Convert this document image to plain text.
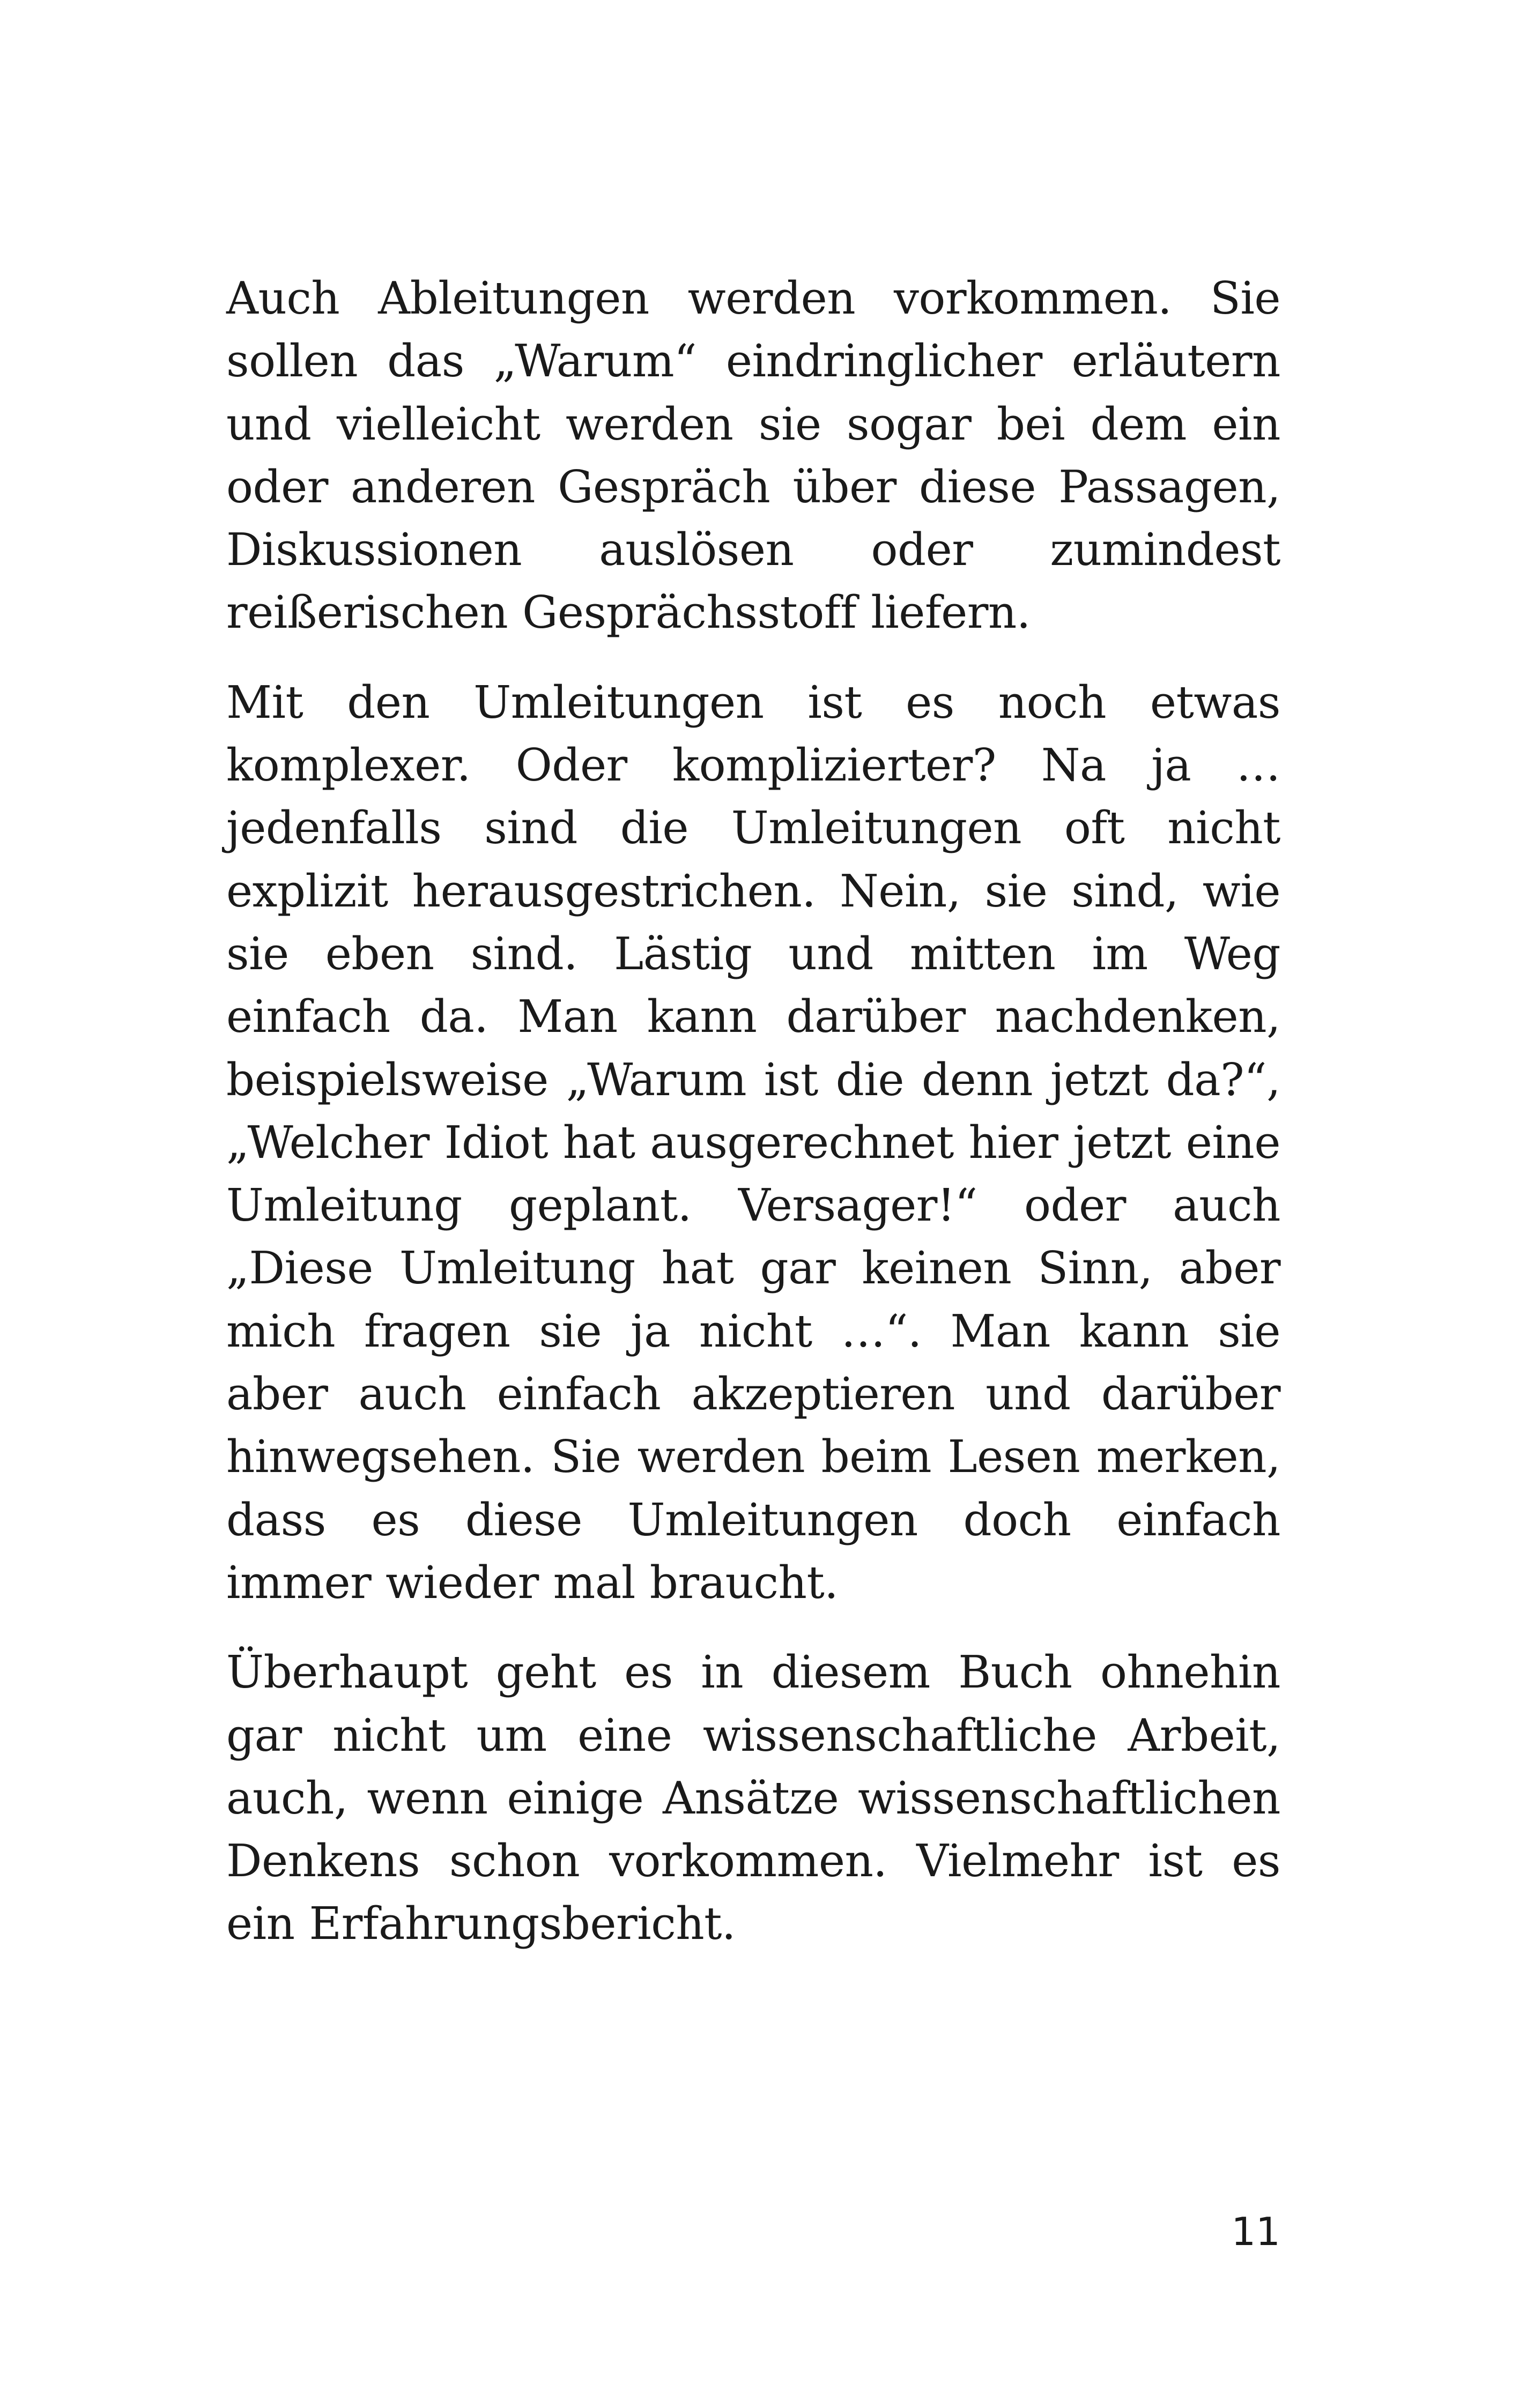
Auch Ableitungen werden vorkommen. Sie sollen das „Warum“ eindringlicher erläutern und vielleicht werden sie sogar bei dem ein oder anderen Gespräch über diese Passagen, Diskussionen auslösen oder zumindest reißerischen Gesprächsstoff liefern.

Mit den Umleitungen ist es noch etwas komplexer. Oder komplizierter? Na ja … jedenfalls sind die Umleitungen oft nicht explizit herausgestrichen. Nein, sie sind, wie sie eben sind. Lästig und mitten im Weg einfach da. Man kann darüber nachdenken, beispielsweise „Warum ist die denn jetzt da?“, „Welcher Idiot hat ausgerechnet hier jetzt eine Umleitung geplant. Versager!“ oder auch „Diese Umleitung hat gar keinen Sinn, aber mich fragen sie ja nicht …“. Man kann sie aber auch einfach akzeptieren und darüber hinwegsehen. Sie werden beim Lesen merken, dass es diese Umleitungen doch einfach immer wieder mal braucht.

Überhaupt geht es in diesem Buch ohnehin gar nicht um eine wissenschaftliche Arbeit, auch, wenn einige Ansätze wissenschaftlichen Denkens schon vorkommen. Vielmehr ist es ein Erfahrungsbericht.

11
